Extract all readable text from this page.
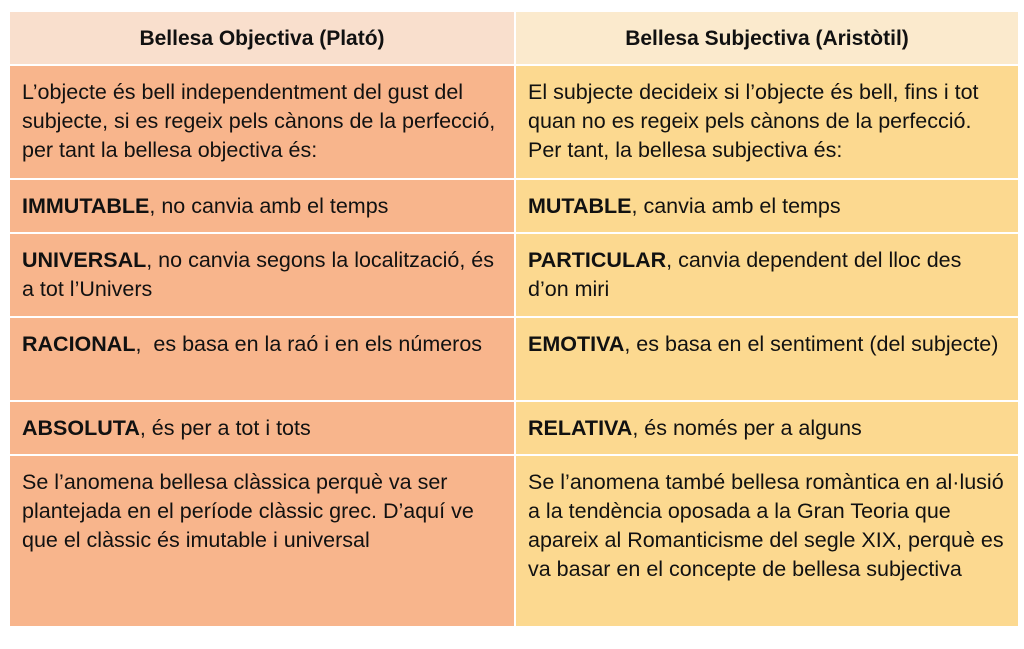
Bellesa Objectiva (Plató)	Bellesa Subjectiva (Aristòtil)
L’objecte és bell independentment del gust del subjecte, si es regeix pels cànons de la perfecció, per tant la bellesa objectiva és:	El subjecte decideix si l’objecte és bell, fins i tot quan no es regeix pels cànons de la perfecció. Per tant, la bellesa subjectiva és:
IMMUTABLE, no canvia amb el temps	MUTABLE, canvia amb el temps
UNIVERSAL, no canvia segons la localització, és a tot l’Univers	PARTICULAR, canvia dependent del lloc des d’on miri
RACIONAL,  es basa en la raó i en els números	EMOTIVA, es basa en el sentiment (del subjecte)
ABSOLUTA, és per a tot i tots	RELATIVA, és només per a alguns
Se l’anomena bellesa clàssica perquè va ser plantejada en el període clàssic grec. D’aquí ve que el clàssic és imutable i universal	Se l’anomena també bellesa romàntica en al·lusió a la tendència oposada a la Gran Teoria que apareix al Romanticisme del segle XIX, perquè es va basar en el concepte de bellesa subjectiva
